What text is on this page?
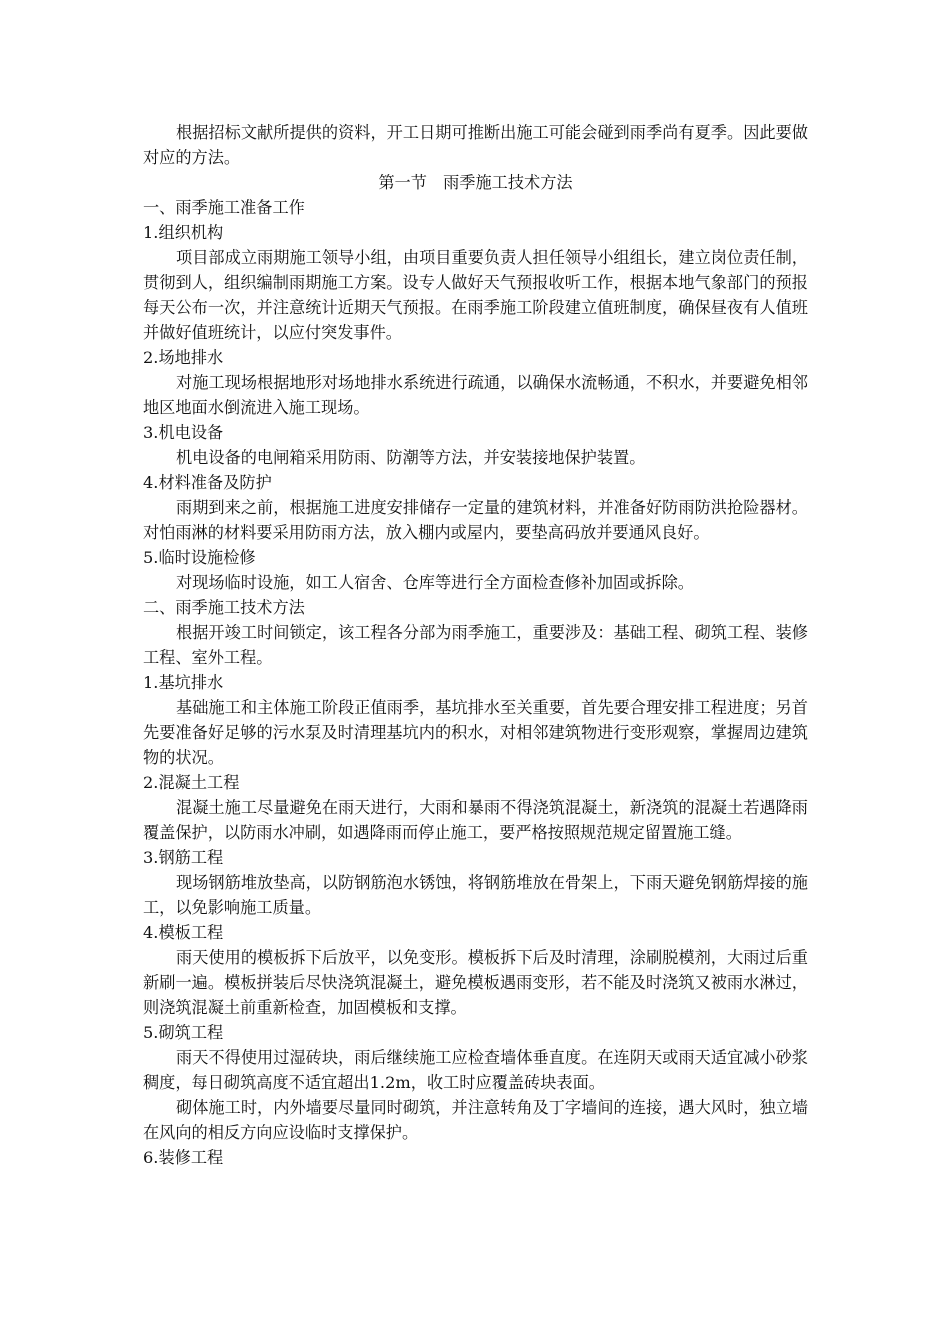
根据招标文献所提供的资料，开工日期可推断出施工可能会碰到雨季尚有夏季。因此要做对应的方法。

第一节　雨季施工技术方法

一、雨季施工准备工作

1.组织机构

项目部成立雨期施工领导小组，由项目重要负责人担任领导小组组长，建立岗位责任制，贯彻到人，组织编制雨期施工方案。设专人做好天气预报收听工作，根据本地气象部门的预报每天公布一次，并注意统计近期天气预报。在雨季施工阶段建立值班制度，确保昼夜有人值班并做好值班统计，以应付突发事件。

2.场地排水

对施工现场根据地形对场地排水系统进行疏通，以确保水流畅通，不积水，并要避免相邻地区地面水倒流进入施工现场。

3.机电设备

机电设备的电闸箱采用防雨、防潮等方法，并安装接地保护装置。

4.材料准备及防护

雨期到来之前，根据施工进度安排储存一定量的建筑材料，并准备好防雨防洪抢险器材。对怕雨淋的材料要采用防雨方法，放入棚内或屋内，要垫高码放并要通风良好。

5.临时设施检修

对现场临时设施，如工人宿舍、仓库等进行全方面检查修补加固或拆除。

二、雨季施工技术方法

根据开竣工时间锁定，该工程各分部为雨季施工，重要涉及：基础工程、砌筑工程、装修工程、室外工程。

1.基坑排水

基础施工和主体施工阶段正值雨季，基坑排水至关重要，首先要合理安排工程进度；另首先要准备好足够的污水泵及时清理基坑内的积水，对相邻建筑物进行变形观察，掌握周边建筑物的状况。

2.混凝土工程

混凝土施工尽量避免在雨天进行，大雨和暴雨不得浇筑混凝土，新浇筑的混凝土若遇降雨覆盖保护，以防雨水冲刷，如遇降雨而停止施工，要严格按照规范规定留置施工缝。

3.钢筋工程

现场钢筋堆放垫高，以防钢筋泡水锈蚀，将钢筋堆放在骨架上，下雨天避免钢筋焊接的施工，以免影响施工质量。

4.模板工程

雨天使用的模板拆下后放平，以免变形。模板拆下后及时清理，涂刷脱模剂，大雨过后重新刷一遍。模板拼装后尽快浇筑混凝土，避免模板遇雨变形，若不能及时浇筑又被雨水淋过，则浇筑混凝土前重新检查，加固模板和支撑。

5.砌筑工程

雨天不得使用过湿砖块，雨后继续施工应检查墙体垂直度。在连阴天或雨天适宜减小砂浆稠度，每日砌筑高度不适宜超出1.2m，收工时应覆盖砖块表面。

砌体施工时，内外墙要尽量同时砌筑，并注意转角及丁字墙间的连接，遇大风时，独立墙在风向的相反方向应设临时支撑保护。

6.装修工程
